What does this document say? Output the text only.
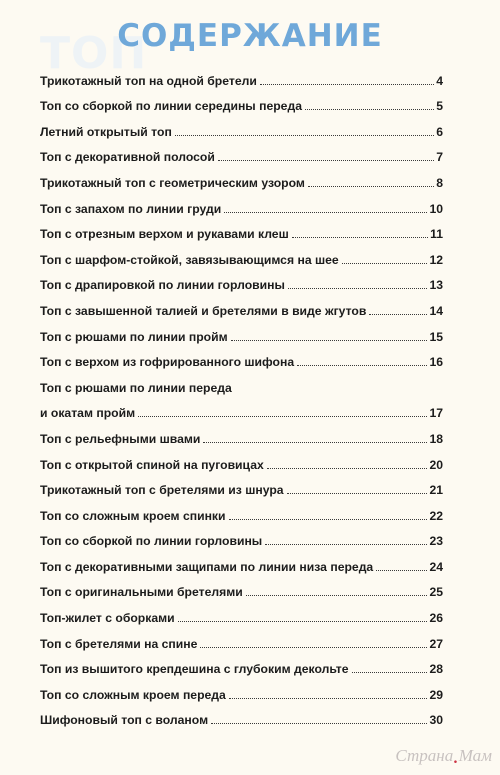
ТОП
СОДЕРЖАНИЕ
Трикотажный топ на одной бретели	4
Топ со сборкой по линии середины переда	5
Летний открытый топ	6
Топ с декоративной полосой	7
Трикотажный топ с геометрическим узором	8
Топ с запахом по линии груди	10
Топ с отрезным верхом и рукавами клеш	11
Топ с шарфом-стойкой, завязывающимся на шее	12
Топ с драпировкой по линии горловины	13
Топ с завышенной талией и бретелями в виде жгутов	14
Топ с рюшами по линии пройм	15
Топ с верхом из гофрированного шифона	16
Топ с рюшами по линии переда
и окатам пройм	17
Топ с рельефными швами	18
Топ с открытой спиной на пуговицах	20
Трикотажный топ с бретелями из шнура	21
Топ со сложным кроем спинки	22
Топ со сборкой по линии горловины	23
Топ с декоративными защипами по линии низа переда	24
Топ с оригинальными бретелями	25
Топ-жилет с оборками	26
Топ с бретелями на спине	27
Топ из вышитого крепдешина с глубоким декольте	28
Топ со сложным кроем переда	29
Шифоновый топ с воланом	30
Страна.Мам
